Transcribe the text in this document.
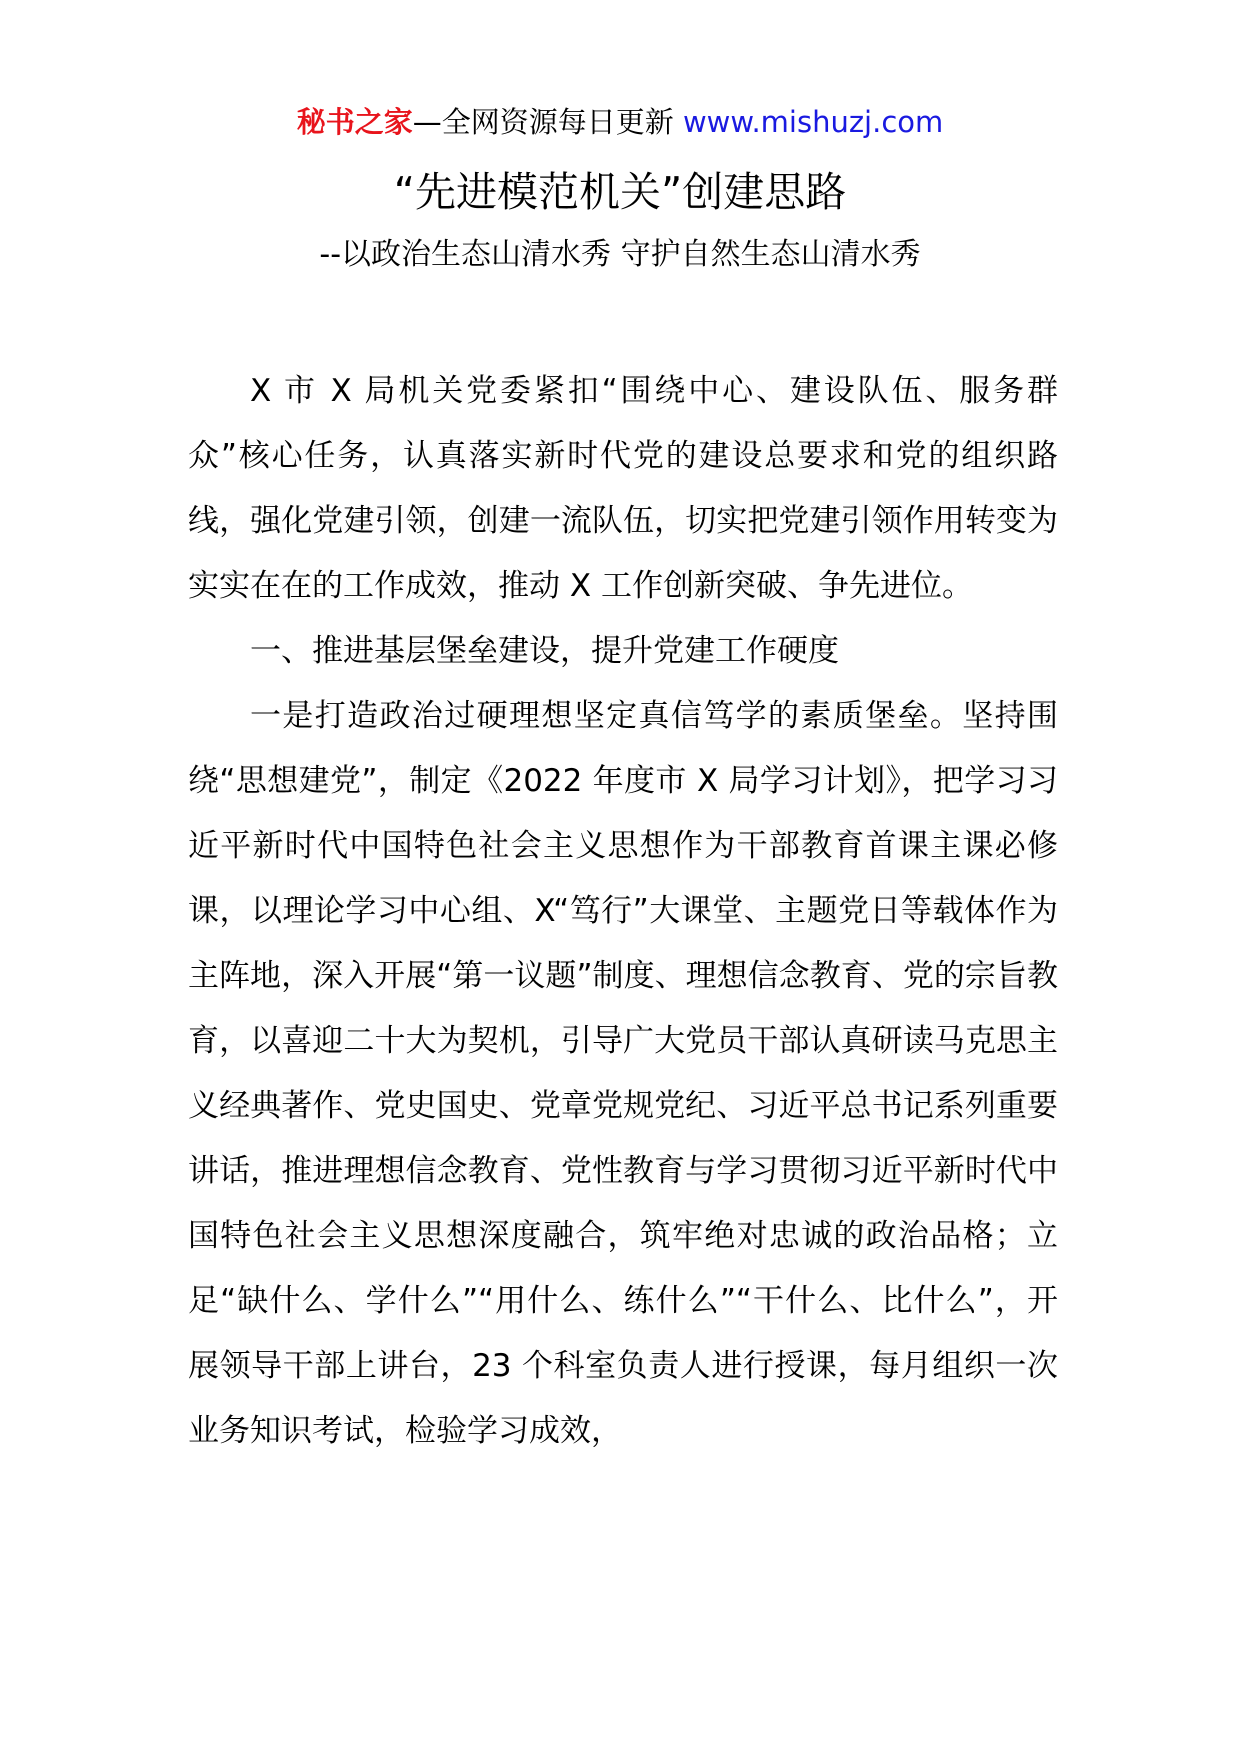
秘书之家—全网资源每日更新 www.mishuzj.com
“先进模范机关”创建思路
--以政治生态山清水秀 守护自然生态山清水秀

X 市 X 局机关党委紧扣“围绕中心、建设队伍、服务群众”核心任务，认真落实新时代党的建设总要求和党的组织路线，强化党建引领，创建一流队伍，切实把党建引领作用转变为实实在在的工作成效，推动 X 工作创新突破、争先进位。

一、推进基层堡垒建设，提升党建工作硬度

一是打造政治过硬理想坚定真信笃学的素质堡垒。坚持围绕“思想建党”，制定《2022 年度市 X 局学习计划》，把学习习近平新时代中国特色社会主义思想作为干部教育首课主课必修课，以理论学习中心组、X“笃行”大课堂、主题党日等载体作为主阵地，深入开展“第一议题”制度、理想信念教育、党的宗旨教育，以喜迎二十大为契机，引导广大党员干部认真研读马克思主义经典著作、党史国史、党章党规党纪、习近平总书记系列重要讲话，推进理想信念教育、党性教育与学习贯彻习近平新时代中国特色社会主义思想深度融合，筑牢绝对忠诚的政治品格；立足“缺什么、学什么”“用什么、练什么”“干什么、比什么”，开展领导干部上讲台，23 个科室负责人进行授课，每月组织一次业务知识考试，检验学习成效，
